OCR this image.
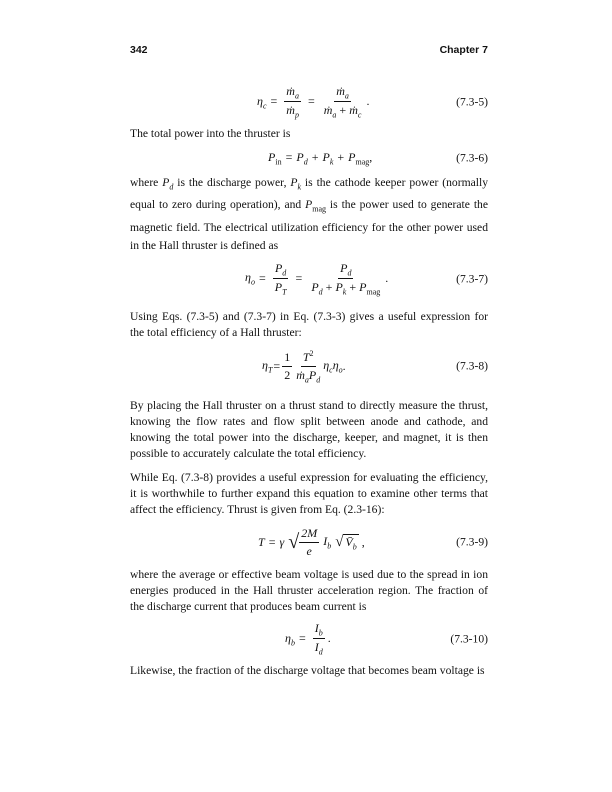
342	Chapter 7
$\eta_c = \frac{ṁ_a}{ṁ_p} = \frac{ṁ_a}{ṁ_a + ṁ_c}$ .	(7.3-5)
The total power into the thruster is
$P_{in} = P_d + P_k + P_{mag}$ ,	(7.3-6)
where $P_d$ is the discharge power, $P_k$ is the cathode keeper power (normally equal to zero during operation), and $P_{mag}$ is the power used to generate the magnetic field. The electrical utilization efficiency for the other power used in the Hall thruster is defined as
$\eta_o = \frac{P_d}{P_T} = \frac{P_d}{P_d + P_k + P_{mag}}$ .	(7.3-7)
Using Eqs. (7.3-5) and (7.3-7) in Eq. (7.3-3) gives a useful expression for the total efficiency of a Hall thruster:
$\eta_T = \frac{1}{2} \frac{T^2}{ṁ_aP_d} \eta_c\eta_o$ .	(7.3-8)
By placing the Hall thruster on a thrust stand to directly measure the thrust, knowing the flow rates and flow split between anode and cathode, and knowing the total power into the discharge, keeper, and magnet, it is then possible to accurately calculate the total efficiency.
While Eq. (7.3-8) provides a useful expression for evaluating the efficiency, it is worthwhile to further expand this equation to examine other terms that affect the efficiency. Thrust is given from Eq. (2.3-16):
T = γ √ $\frac{2M}{e} I_b$ √ $V̄_b$ ,	(7.3-9)
where the average or effective beam voltage is used due to the spread in ion energies produced in the Hall thruster acceleration region. The fraction of the discharge current that produces beam current is
$\eta_b = \frac{I_b}{I_d}$ .	(7.3-10)
Likewise, the fraction of the discharge voltage that becomes beam voltage is
